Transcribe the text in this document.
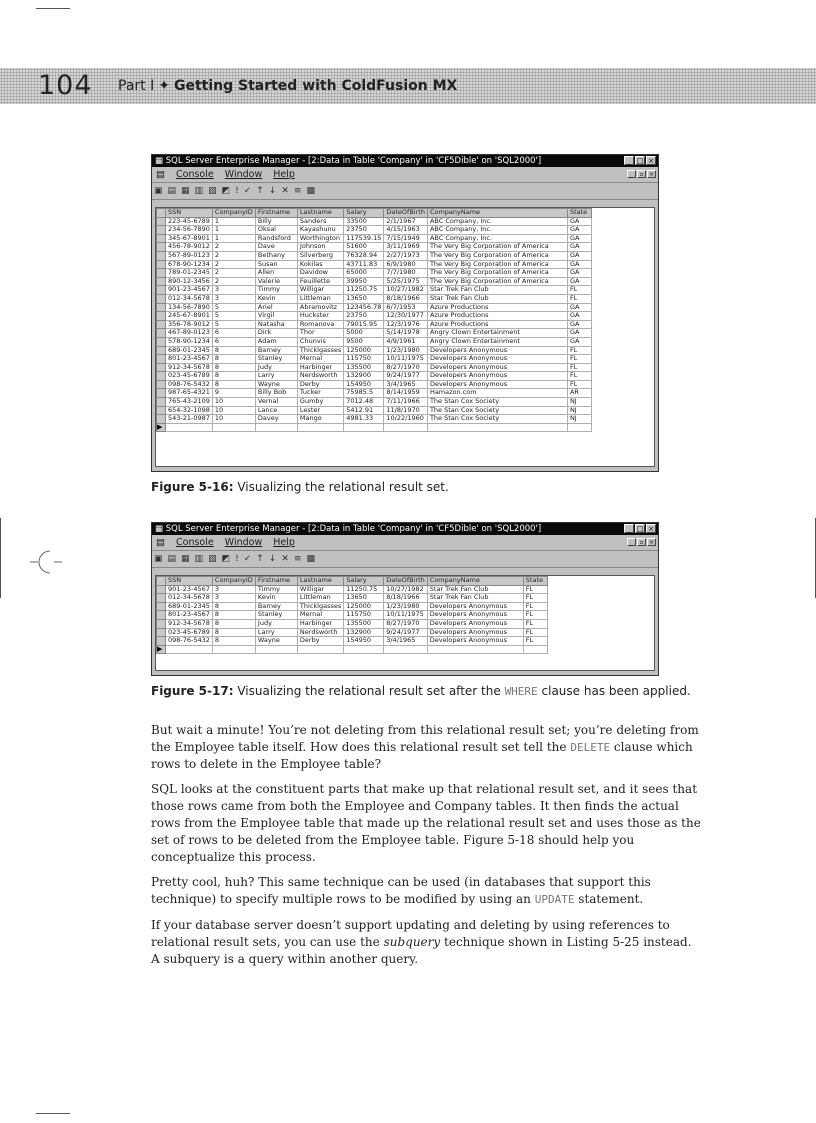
104 Part I ✦ Getting Started with ColdFusion MX
▦ SQL Server Enterprise Manager - [2:Data in Table 'Company' in 'CF5Dible' on 'SQL2000']	_ □ ×
▤ Console Window Help	_	▫ ×
▣▤▦▥▧◩!✓↑↓✕≡▩
	SSN	CompanyID	Firstname	Lastname	Salary	DateOfBirth	CompanyName	State
	223-45-6789	1	Billy	Sanders	33500	2/1/1967	ABC Company, Inc.	GA
	234-56-7890	1	Oksal	Kayashunu	23750	4/15/1963	ABC Company, Inc.	GA
	345-67-8901	1	Randsford	Worthington	117539.15	7/15/1949	ABC Company, Inc.	GA
	456-78-9012	2	Dave	Johnson	51600	3/11/1969	The Very Big Corporation of America	GA
	567-89-0123	2	Bethany	Silverberg	76328.94	2/27/1973	The Very Big Corporation of America	GA
	678-90-1234	2	Susan	Kokilas	43711.83	6/9/1980	The Very Big Corporation of America	GA
	789-01-2345	2	Allen	Davidow	65000	7/7/1980	The Very Big Corporation of America	GA
	890-12-3456	2	Valerie	Feuillette	39950	5/25/1975	The Very Big Corporation of America	GA
	901-23-4567	3	Timmy	Willigar	11250.75	10/27/1982	Star Trek Fan Club	FL
	012-34-5678	3	Kevin	Littleman	13650	8/18/1966	Star Trek Fan Club	FL
	134-56-7890	5	Ariel	Abramovitz	123456.78	6/7/1953	Azure Productions	GA
	245-67-8901	5	Virgil	Huckster	23750	12/30/1977	Azure Productions	GA
	356-78-9012	5	Natasha	Romanova	79015.95	12/3/1976	Azure Productions	GA
	467-89-0123	6	Dirk	Thor	5000	5/14/1978	Angry Clown Entertainment	GA
	578-90-1234	6	Adam	Chunvis	9500	4/9/1961	Angry Clown Entertainment	GA
	689-01-2345	8	Barney	Thicklgasses	125000	1/23/1980	Developers Anonymous	FL
	801-23-4567	8	Stanley	Mernal	115750	10/11/1975	Developers Anonymous	FL
	912-34-5678	8	Judy	Harbinger	135500	8/27/1970	Developers Anonymous	FL
	023-45-6789	8	Larry	Nerdsworth	132900	9/24/1977	Developers Anonymous	FL
	098-76-5432	8	Wayne	Derby	154950	3/4/1965	Developers Anonymous	FL
	987-65-4321	9	Billy Bob	Tucker	75985.5	8/14/1959	Hamazon.com	AR
	765-43-2109	10	Vernal	Gumby	7012.48	7/11/1966	The Stan Cox Society	NJ
	654-32-1098	10	Lance	Lester	5412.91	11/8/1970	The Stan Cox Society	NJ
	543-21-0987	10	Davey	Mango	4981.33	10/22/1960	The Stan Cox Society	NJ
▶								
Figure 5-16: Visualizing the relational result set.
▦ SQL Server Enterprise Manager - [2:Data in Table 'Company' in 'CF5Dible' on 'SQL2000']	_ □ ×
▤ Console Window Help	_	▫ ×
▣▤▦▥▧◩!✓↑↓✕≡▩
	SSN	CompanyID	Firstname	Lastname	Salary	DateOfBirth	CompanyName	State
	901-23-4567	3	Timmy	Willigar	11250.75	10/27/1982	Star Trek Fan Club	FL
	012-34-5678	3	Kevin	Littleman	13650	8/18/1966	Star Trek Fan Club	FL
	689-01-2345	8	Barney	Thicklgasses	125000	1/23/1980	Developers Anonymous	FL
	801-23-4567	8	Stanley	Mernal	115750	10/11/1975	Developers Anonymous	FL
	912-34-5678	8	Judy	Harbinger	135500	8/27/1970	Developers Anonymous	FL
	023-45-6789	8	Larry	Nerdsworth	132900	9/24/1977	Developers Anonymous	FL
	098-76-5432	8	Wayne	Derby	154950	3/4/1965	Developers Anonymous	FL
▶								
Figure 5-17: Visualizing the relational result set after the WHERE clause has been applied.

But wait a minute! You’re not deleting from this relational result set; you’re deleting from the Employee table itself. How does this relational result set tell the DELETE clause which rows to delete in the Employee table?

SQL looks at the constituent parts that make up that relational result set, and it sees that those rows came from both the Employee and Company tables. It then finds the actual rows from the Employee table that made up the relational result set and uses those as the set of rows to be deleted from the Employee table. Figure 5-18 should help you conceptualize this process.

Pretty cool, huh? This same technique can be used (in databases that support this technique) to specify multiple rows to be modified by using an UPDATE statement.

If your database server doesn’t support updating and deleting by using references to relational result sets, you can use the subquery technique shown in Listing 5-25 instead. A subquery is a query within another query.
